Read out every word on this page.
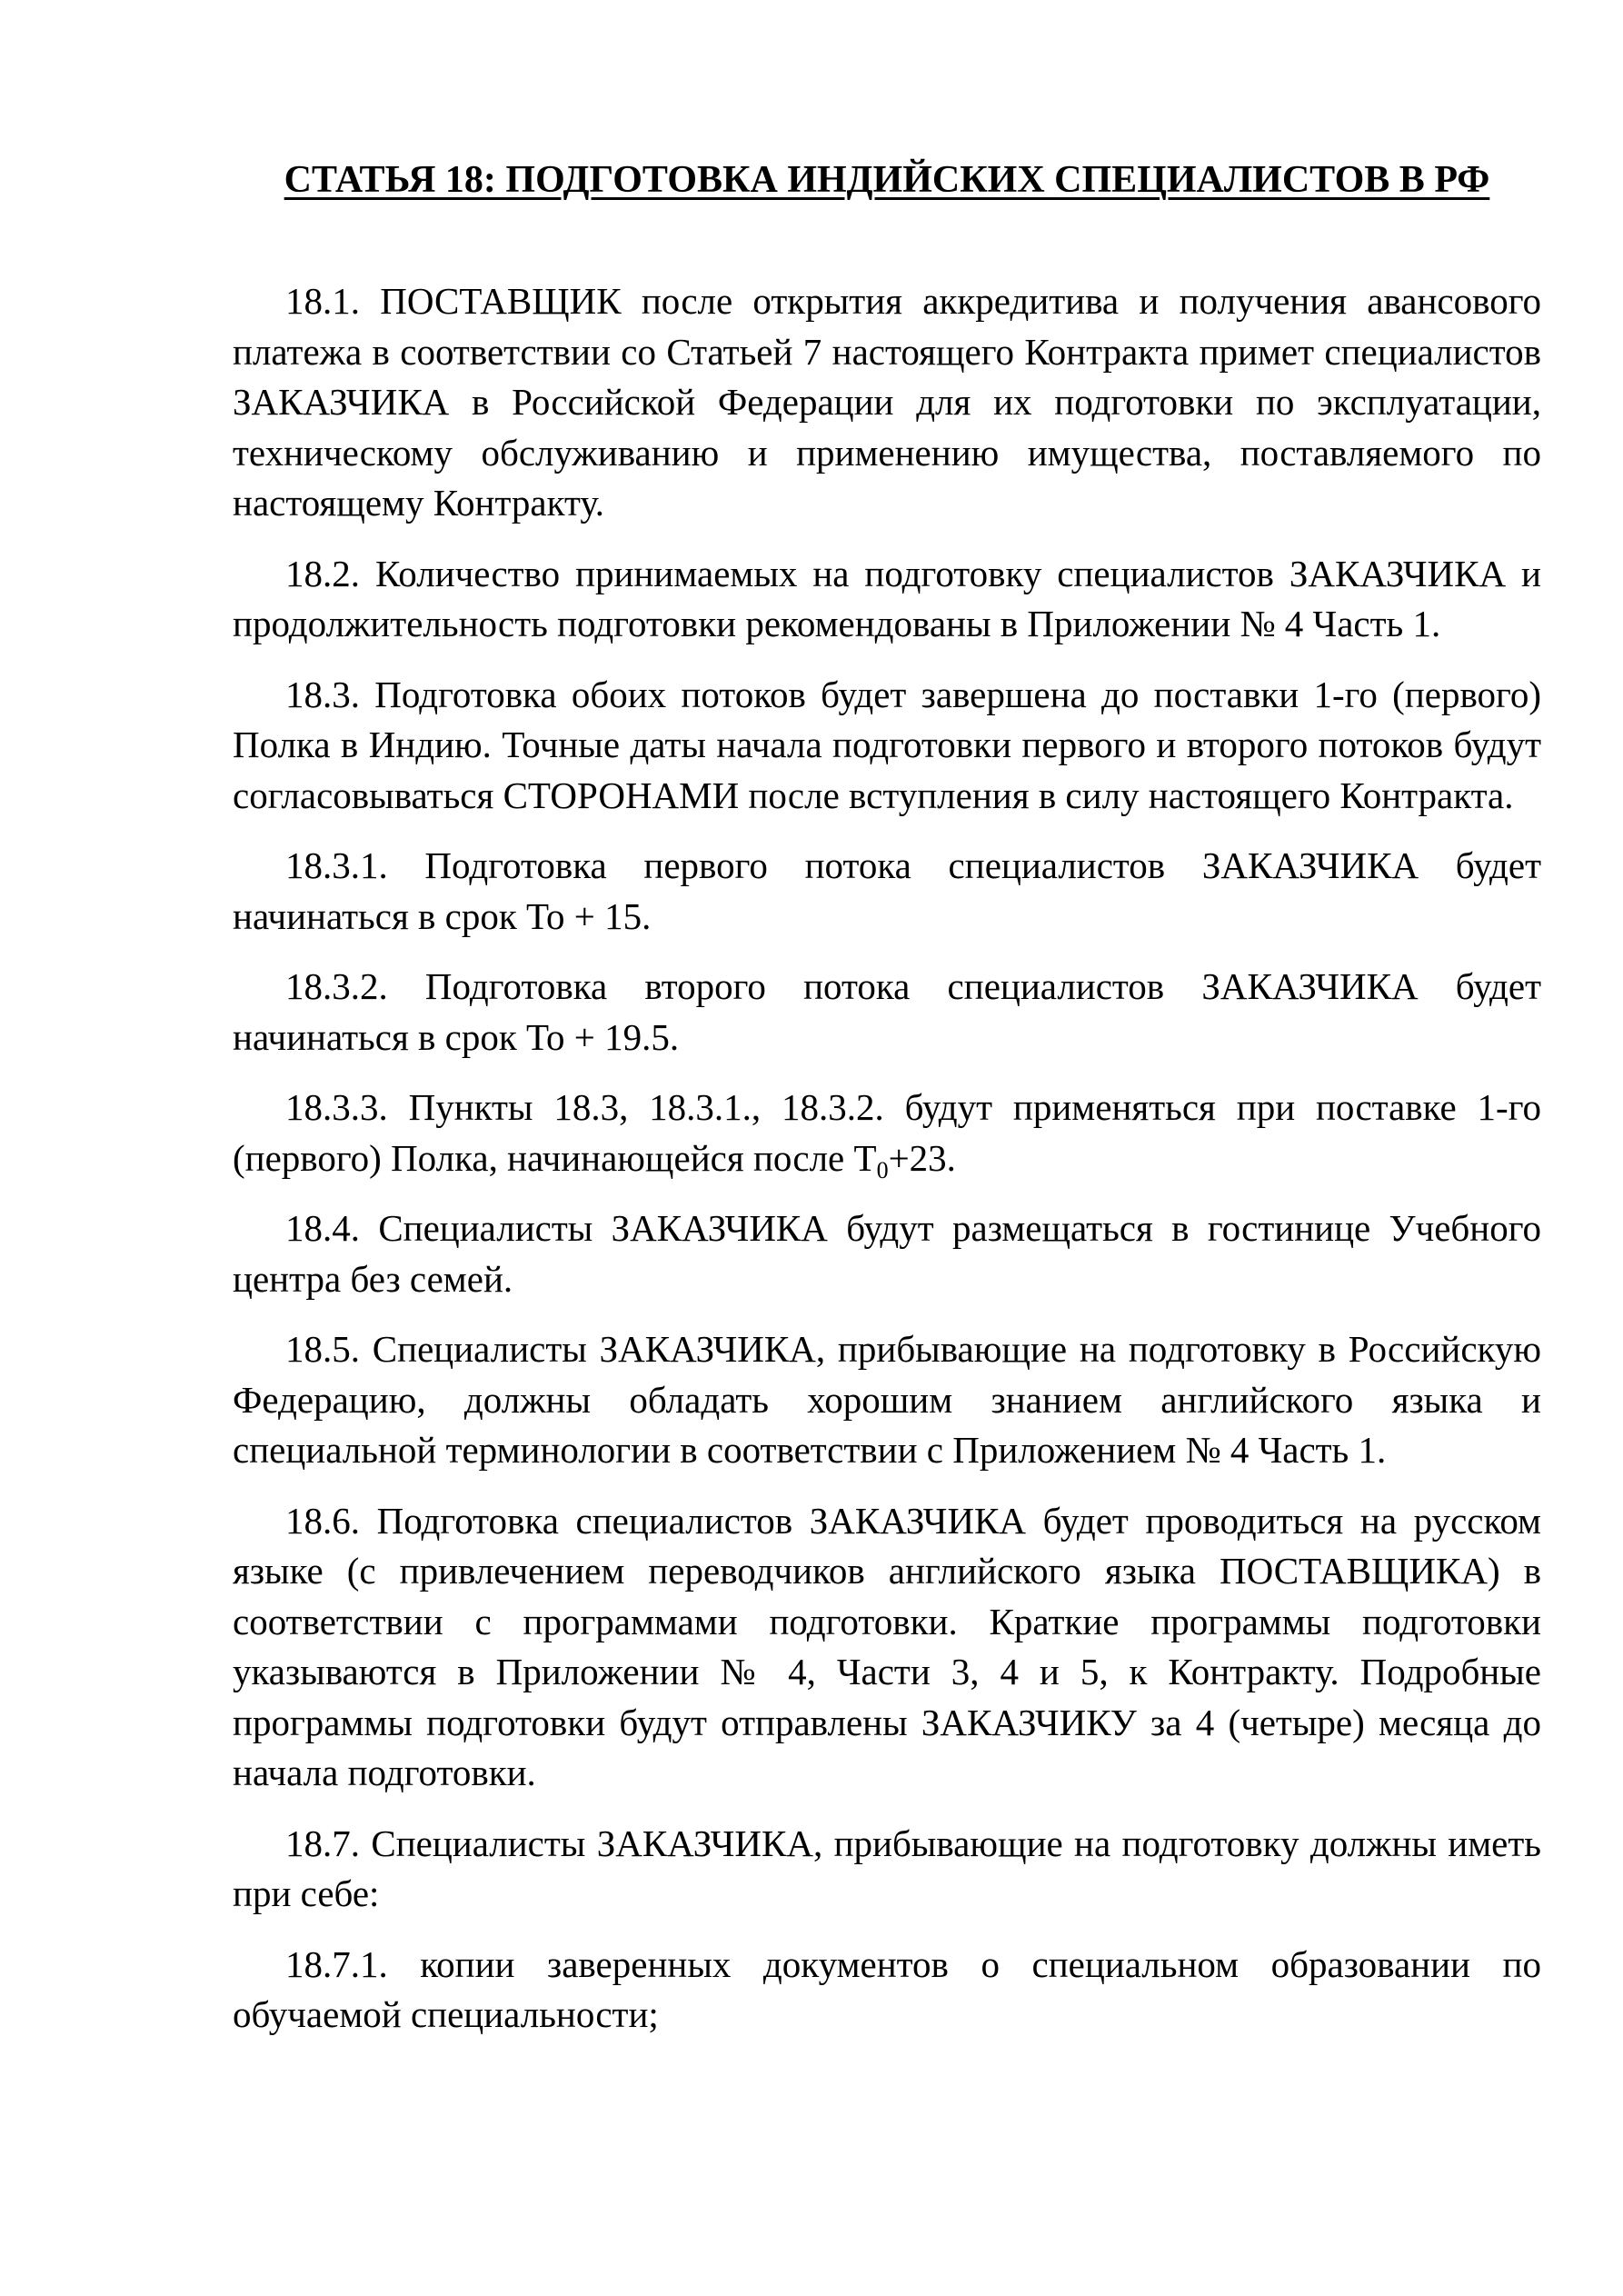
СТАТЬЯ 18: ПОДГОТОВКА ИНДИЙСКИХ СПЕЦИАЛИСТОВ В РФ

18.1. ПОСТАВЩИК после открытия аккредитива и получения авансового платежа в соответствии со Статьей 7 настоящего Контракта примет специалистов ЗАКАЗЧИКА в Российской Федерации для их подготовки по эксплуатации, техническому обслуживанию и применению имущества, поставляемого по настоящему Контракту.

18.2. Количество принимаемых на подготовку специалистов ЗАКАЗЧИКА и продолжительность подготовки рекомендованы в Приложении № 4 Часть 1.

18.3. Подготовка обоих потоков будет завершена до поставки 1-го (первого) Полка в Индию. Точные даты начала подготовки первого и второго потоков будут согласовываться СТОРОНАМИ после вступления в силу настоящего Контракта.

18.3.1. Подготовка первого потока специалистов ЗАКАЗЧИКА будет начинаться в срок То + 15.

18.3.2. Подготовка второго потока специалистов ЗАКАЗЧИКА будет начинаться в срок То + 19.5.

18.3.3. Пункты 18.3, 18.3.1., 18.3.2. будут применяться при поставке 1-го (первого) Полка, начинающейся после $Т_0+23$.

18.4. Специалисты ЗАКАЗЧИКА будут размещаться в гостинице Учебного центра без семей.

18.5. Специалисты ЗАКАЗЧИКА, прибывающие на подготовку в Российскую Федерацию, должны обладать хорошим знанием английского языка и специальной терминологии в соответствии с Приложением № 4 Часть 1.

18.6. Подготовка специалистов ЗАКАЗЧИКА будет проводиться на русском языке (с привлечением переводчиков английского языка ПОСТАВЩИКА) в соответствии с программами подготовки. Краткие программы подготовки указываются в Приложении № 4, Части 3, 4 и 5, к Контракту. Подробные программы подготовки будут отправлены ЗАКАЗЧИКУ за 4 (четыре) месяца до начала подготовки.

18.7. Специалисты ЗАКАЗЧИКА, прибывающие на подготовку должны иметь при себе:

18.7.1. копии заверенных документов о специальном образовании по обучаемой специальности;
